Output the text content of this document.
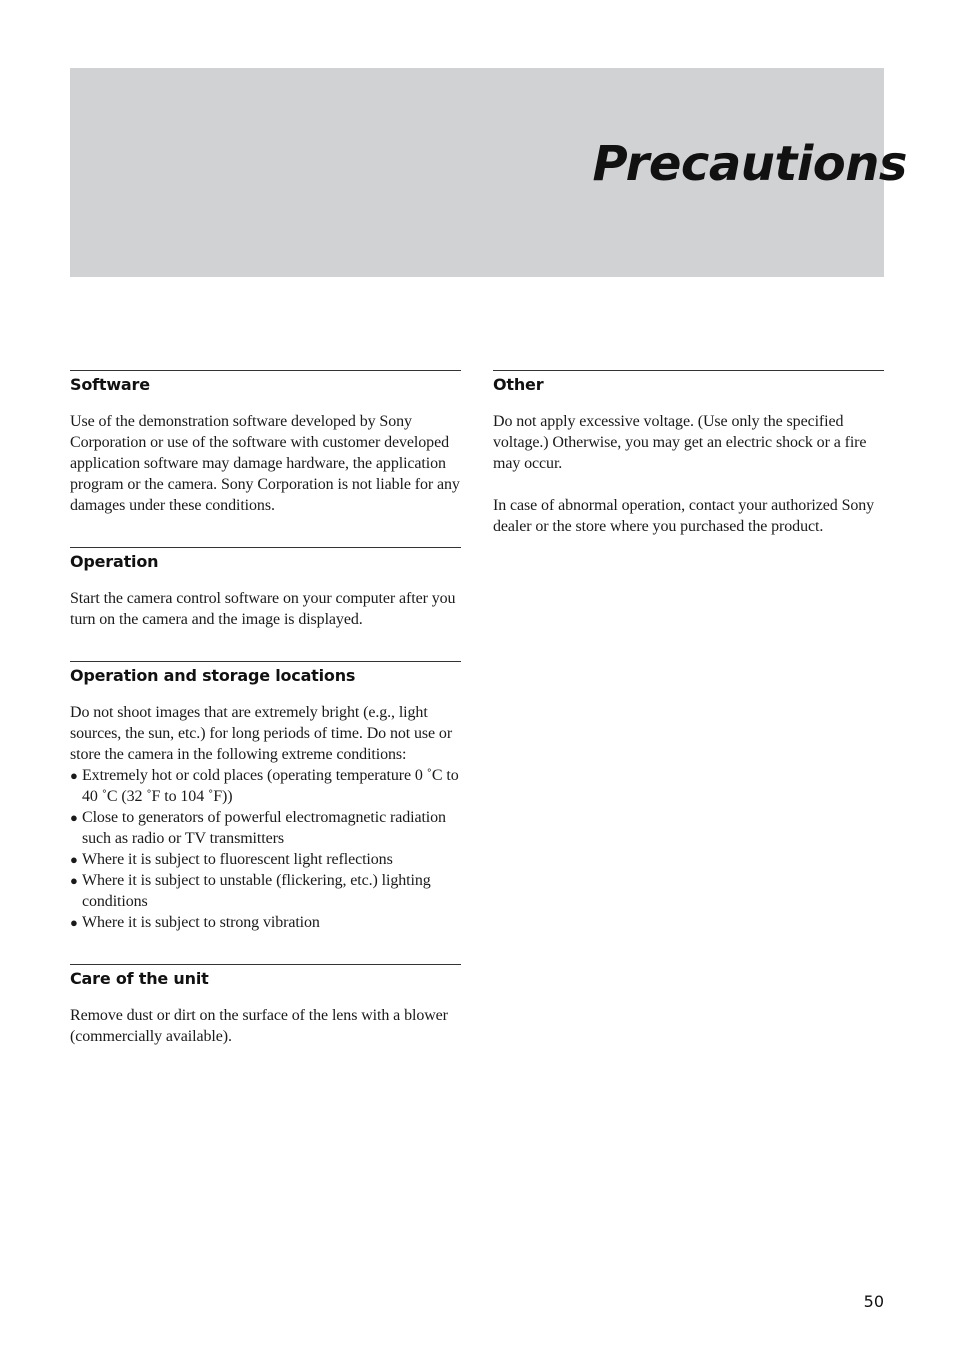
Precautions
Software

Use of the demonstration software developed by Sony Corporation or use of the software with customer developed application software may damage hardware, the application program or the camera. Sony Corporation is not liable for any damages under these conditions.

Operation

Start the camera control software on your computer after you turn on the camera and the image is displayed.

Operation and storage locations

Do not shoot images that are extremely bright (e.g., light sources, the sun, etc.) for long periods of time. Do not use or store the camera in the following extreme conditions:

● Extremely hot or cold places (operating temperature 0 ˚C to 40 ˚C (32 ˚F to 104 ˚F))
● Close to generators of powerful electromagnetic radiation such as radio or TV transmitters
● Where it is subject to fluorescent light reflections
● Where it is subject to unstable (flickering, etc.) lighting conditions
● Where it is subject to strong vibration
Care of the unit

Remove dust or dirt on the surface of the lens with a blower (commercially available).

Other

Do not apply excessive voltage. (Use only the specified voltage.) Otherwise, you may get an electric shock or a fire may occur.

In case of abnormal operation, contact your authorized Sony dealer or the store where you purchased the product.

50
